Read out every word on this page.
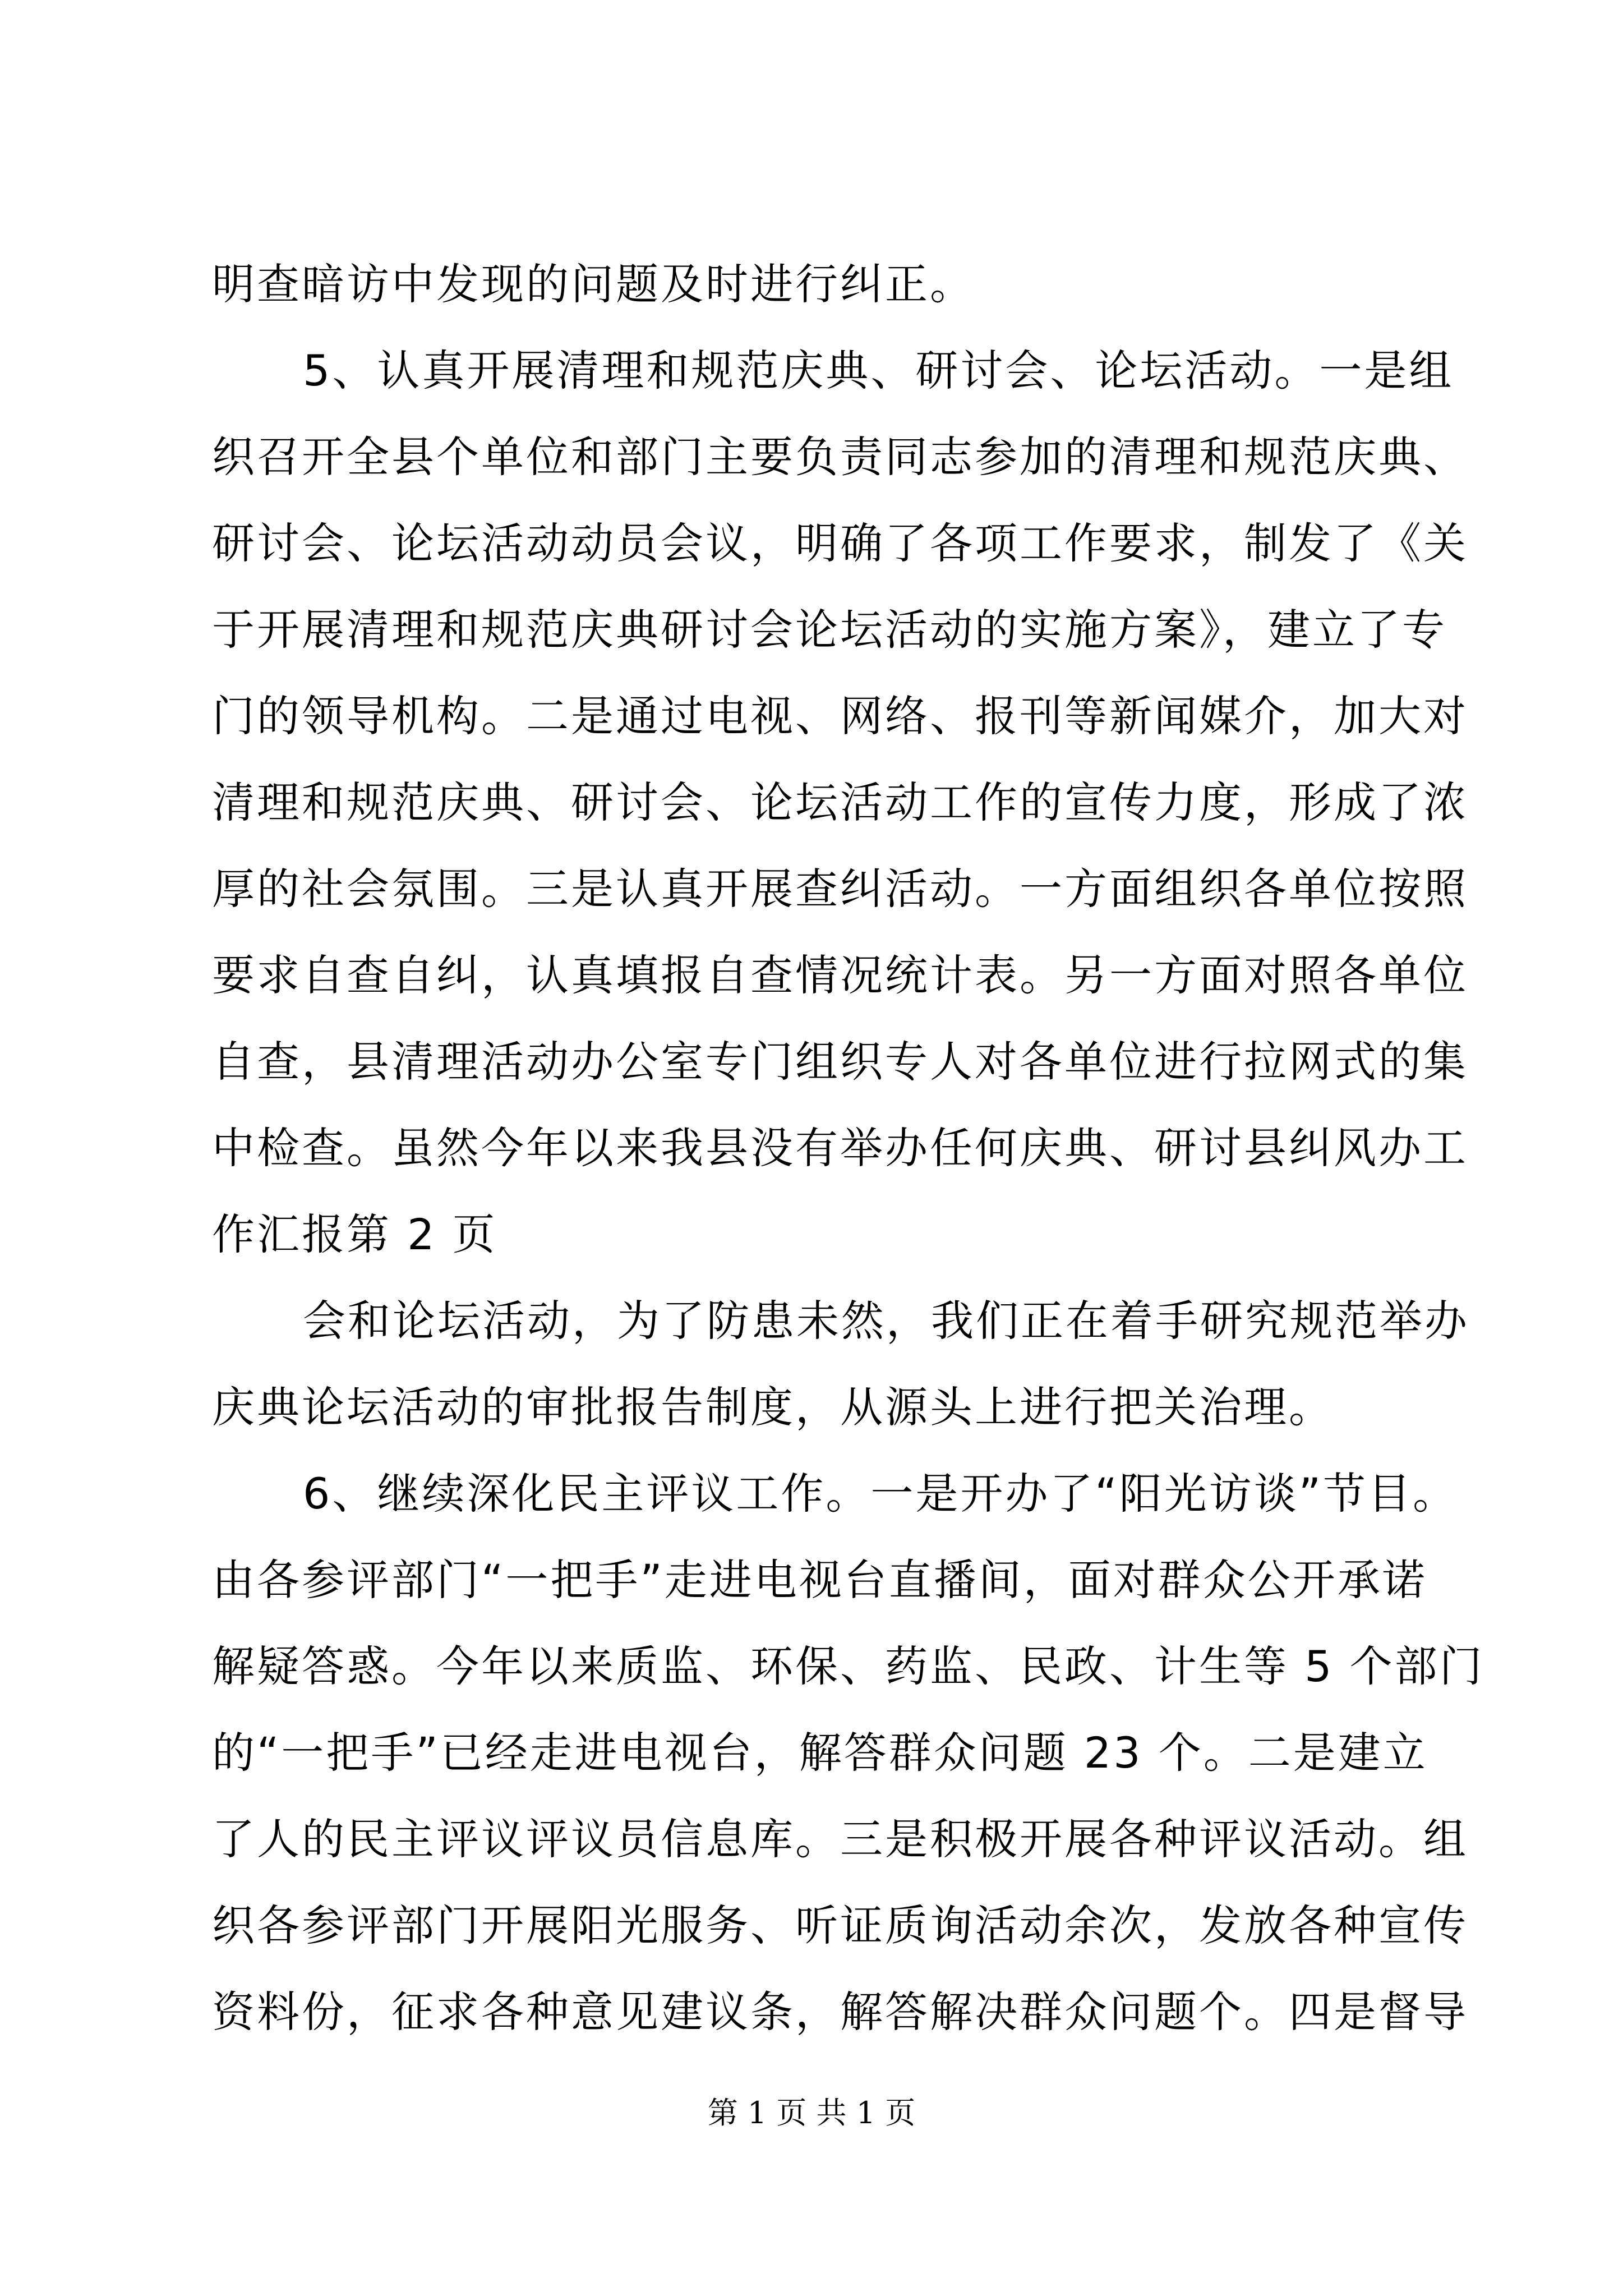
明查暗访中发现的问题及时进行纠正。
5、认真开展清理和规范庆典、研讨会、论坛活动。一是组
织召开全县个单位和部门主要负责同志参加的清理和规范庆典、
研讨会、论坛活动动员会议，明确了各项工作要求，制发了《关
于开展清理和规范庆典研讨会论坛活动的实施方案》，建立了专
门的领导机构。二是通过电视、网络、报刊等新闻媒介，加大对
清理和规范庆典、研讨会、论坛活动工作的宣传力度，形成了浓
厚的社会氛围。三是认真开展查纠活动。一方面组织各单位按照
要求自查自纠，认真填报自查情况统计表。另一方面对照各单位
自查，县清理活动办公室专门组织专人对各单位进行拉网式的集
中检查。虽然今年以来我县没有举办任何庆典、研讨县纠风办工
作汇报第 2 页
会和论坛活动，为了防患未然，我们正在着手研究规范举办
庆典论坛活动的审批报告制度，从源头上进行把关治理。
6、继续深化民主评议工作。一是开办了“阳光访谈”节目。
由各参评部门“一把手”走进电视台直播间，面对群众公开承诺
解疑答惑。今年以来质监、环保、药监、民政、计生等 5 个部门
的“一把手”已经走进电视台，解答群众问题 23 个。二是建立
了人的民主评议评议员信息库。三是积极开展各种评议活动。组
织各参评部门开展阳光服务、听证质询活动余次，发放各种宣传
资料份，征求各种意见建议条，解答解决群众问题个。四是督导
第 1 页 共 1 页
